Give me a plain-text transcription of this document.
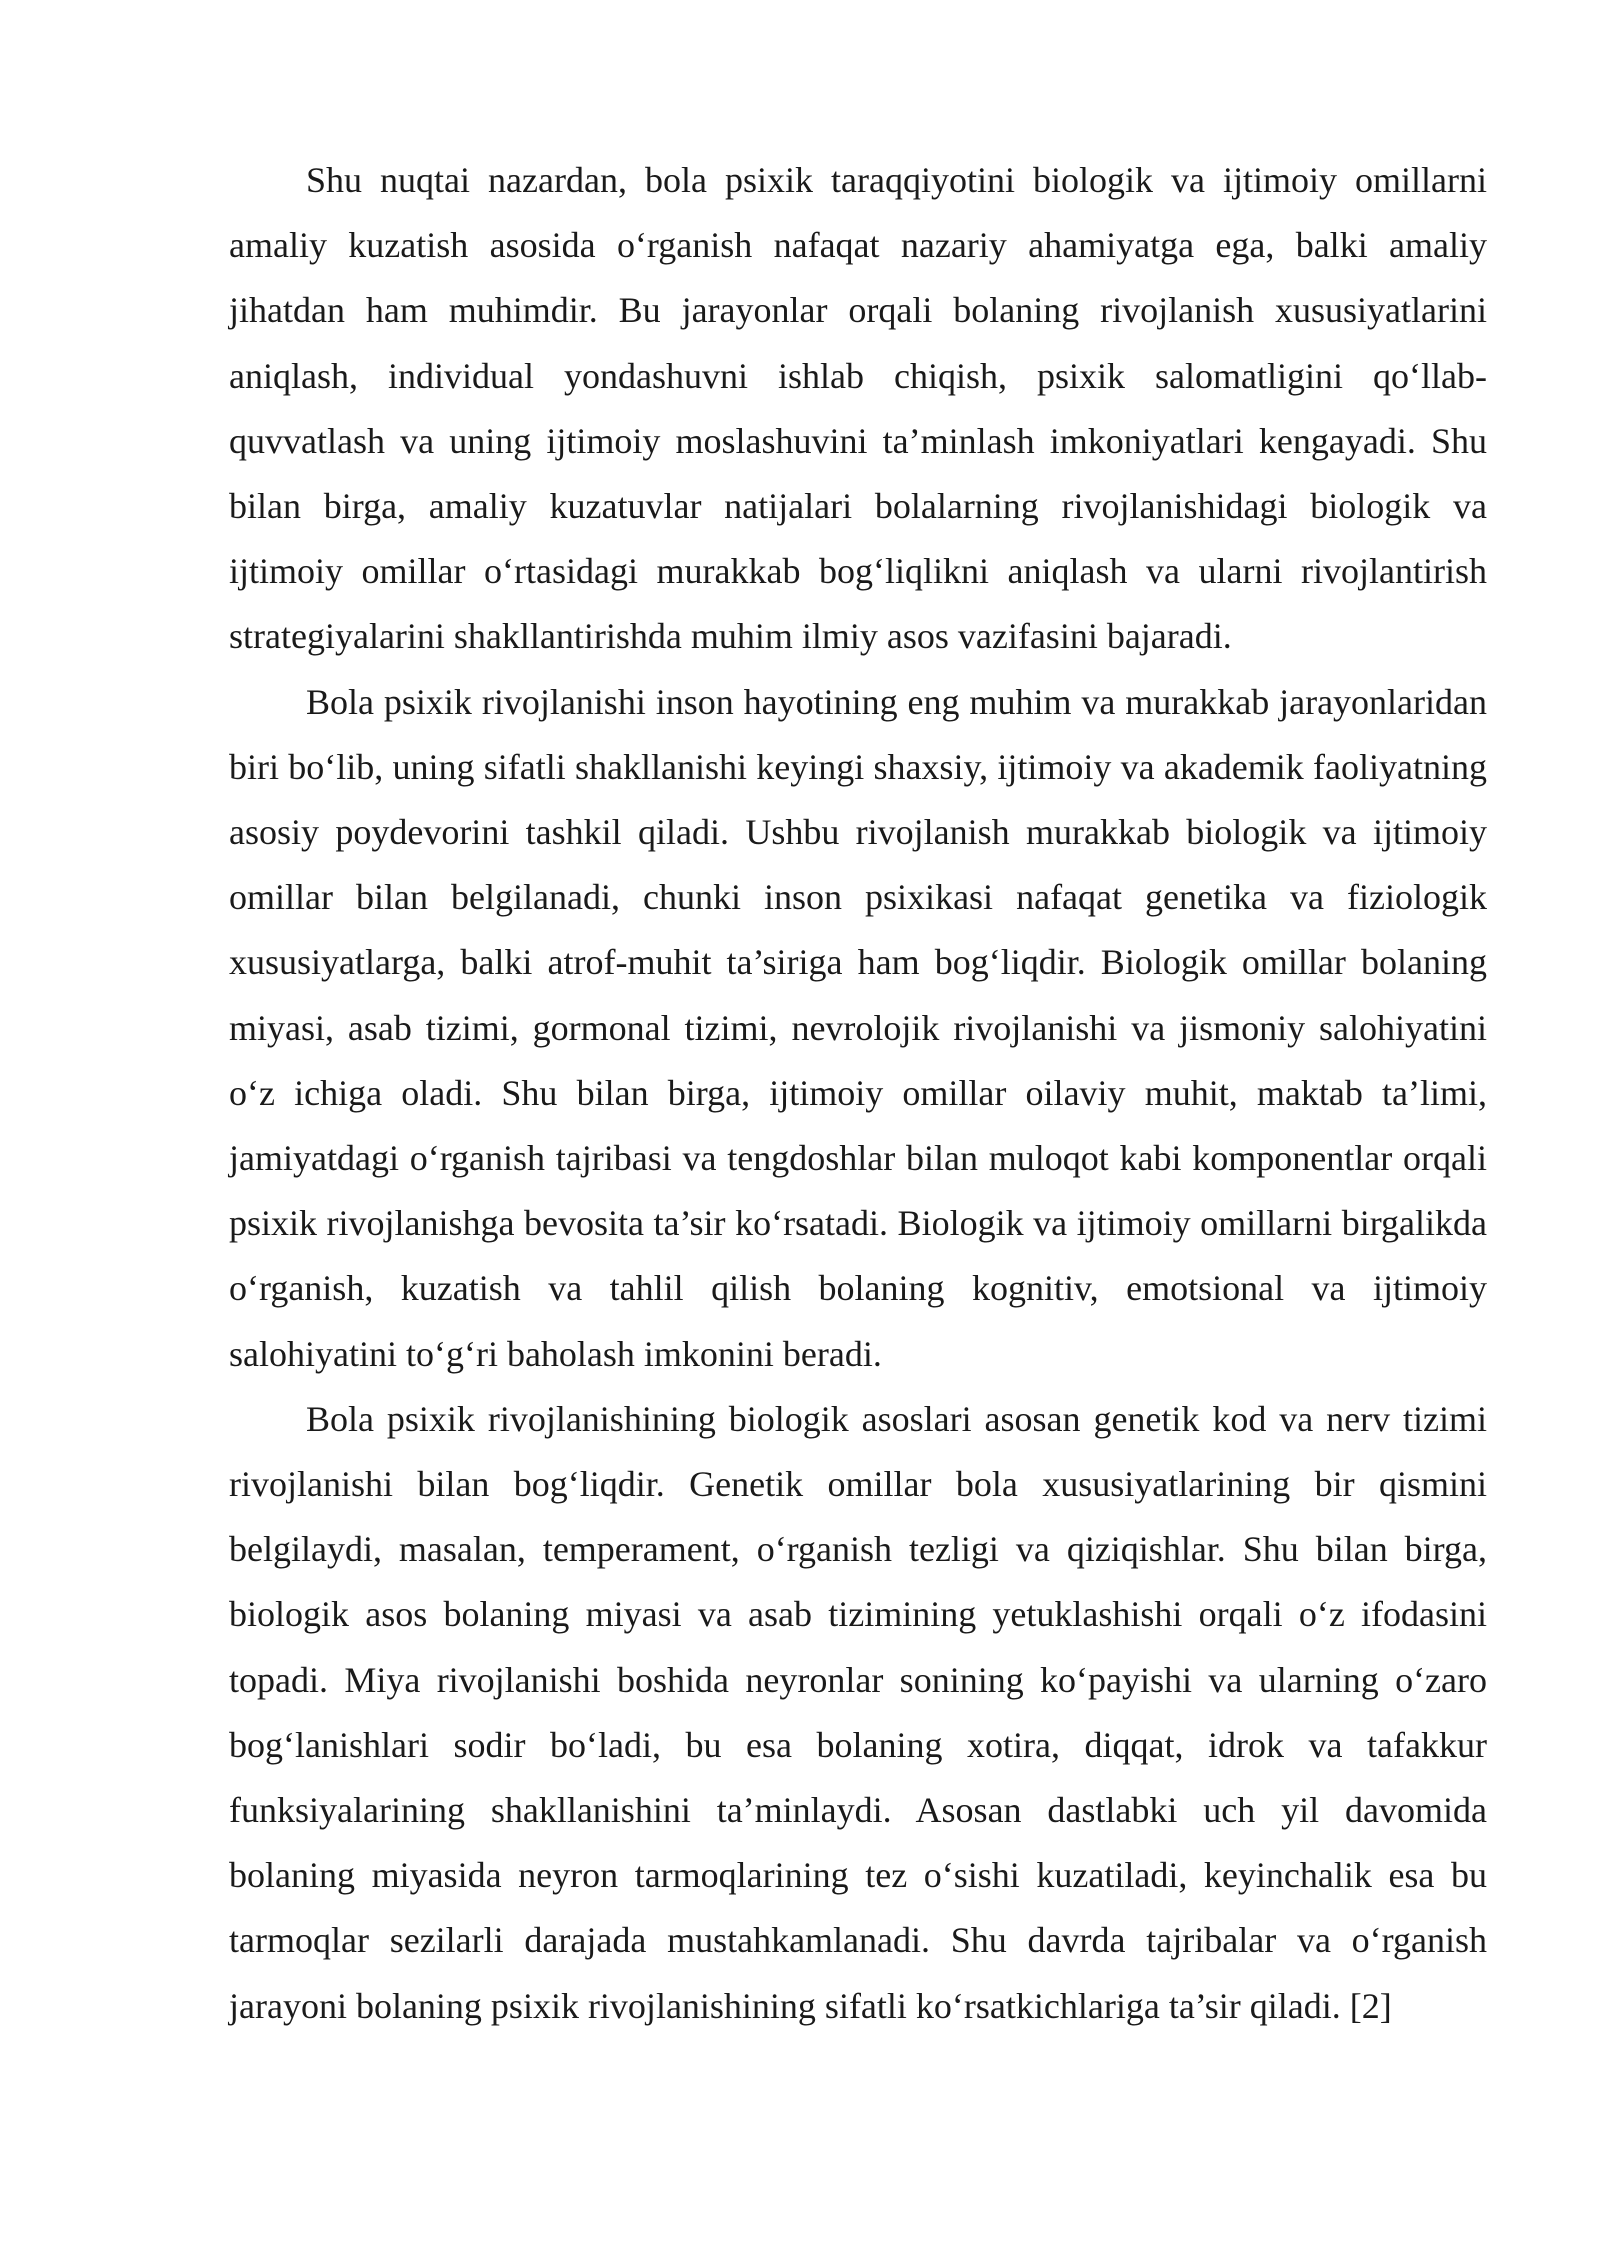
Shu nuqtai nazardan, bola psixik taraqqiyotini biologik va ijtimoiy omillarni amaliy kuzatish asosida o‘rganish nafaqat nazariy ahamiyatga ega, balki amaliy jihatdan ham muhimdir. Bu jarayonlar orqali bolaning rivojlanish xususiyatlarini aniqlash, individual yondashuvni ishlab chiqish, psixik salomatligini qo‘llab-quvvatlash va uning ijtimoiy moslashuvini ta’minlash imkoniyatlari kengayadi. Shu bilan birga, amaliy kuzatuvlar natijalari bolalarning rivojlanishidagi biologik va ijtimoiy omillar o‘rtasidagi murakkab bog‘liqlikni aniqlash va ularni rivojlantirish strategiyalarini shakllantirishda muhim ilmiy asos vazifasini bajaradi.

Bola psixik rivojlanishi inson hayotining eng muhim va murakkab jarayonlaridan biri bo‘lib, uning sifatli shakllanishi keyingi shaxsiy, ijtimoiy va akademik faoliyatning asosiy poydevorini tashkil qiladi. Ushbu rivojlanish murakkab biologik va ijtimoiy omillar bilan belgilanadi, chunki inson psixikasi nafaqat genetika va fiziologik xususiyatlarga, balki atrof-muhit ta’siriga ham bog‘liqdir. Biologik omillar bolaning miyasi, asab tizimi, gormonal tizimi, nevrolojik rivojlanishi va jismoniy salohiyatini o‘z ichiga oladi. Shu bilan birga, ijtimoiy omillar oilaviy muhit, maktab ta’limi, jamiyatdagi o‘rganish tajribasi va tengdoshlar bilan muloqot kabi komponentlar orqali psixik rivojlanishga bevosita ta’sir ko‘rsatadi. Biologik va ijtimoiy omillarni birgalikda o‘rganish, kuzatish va tahlil qilish bolaning kognitiv, emotsional va ijtimoiy salohiyatini to‘g‘ri baholash imkonini beradi.

Bola psixik rivojlanishining biologik asoslari asosan genetik kod va nerv tizimi rivojlanishi bilan bog‘liqdir. Genetik omillar bola xususiyatlarining bir qismini belgilaydi, masalan, temperament, o‘rganish tezligi va qiziqishlar. Shu bilan birga, biologik asos bolaning miyasi va asab tizimining yetuklashishi orqali o‘z ifodasini topadi. Miya rivojlanishi boshida neyronlar sonining ko‘payishi va ularning o‘zaro bog‘lanishlari sodir bo‘ladi, bu esa bolaning xotira, diqqat, idrok va tafakkur funksiyalarining shakllanishini ta’minlaydi. Asosan dastlabki uch yil davomida bolaning miyasida neyron tarmoqlarining tez o‘sishi kuzatiladi, keyinchalik esa bu tarmoqlar sezilarli darajada mustahkamlanadi. Shu davrda tajribalar va o‘rganish jarayoni bolaning psixik rivojlanishining sifatli ko‘rsatkichlariga ta’sir qiladi. [2]
